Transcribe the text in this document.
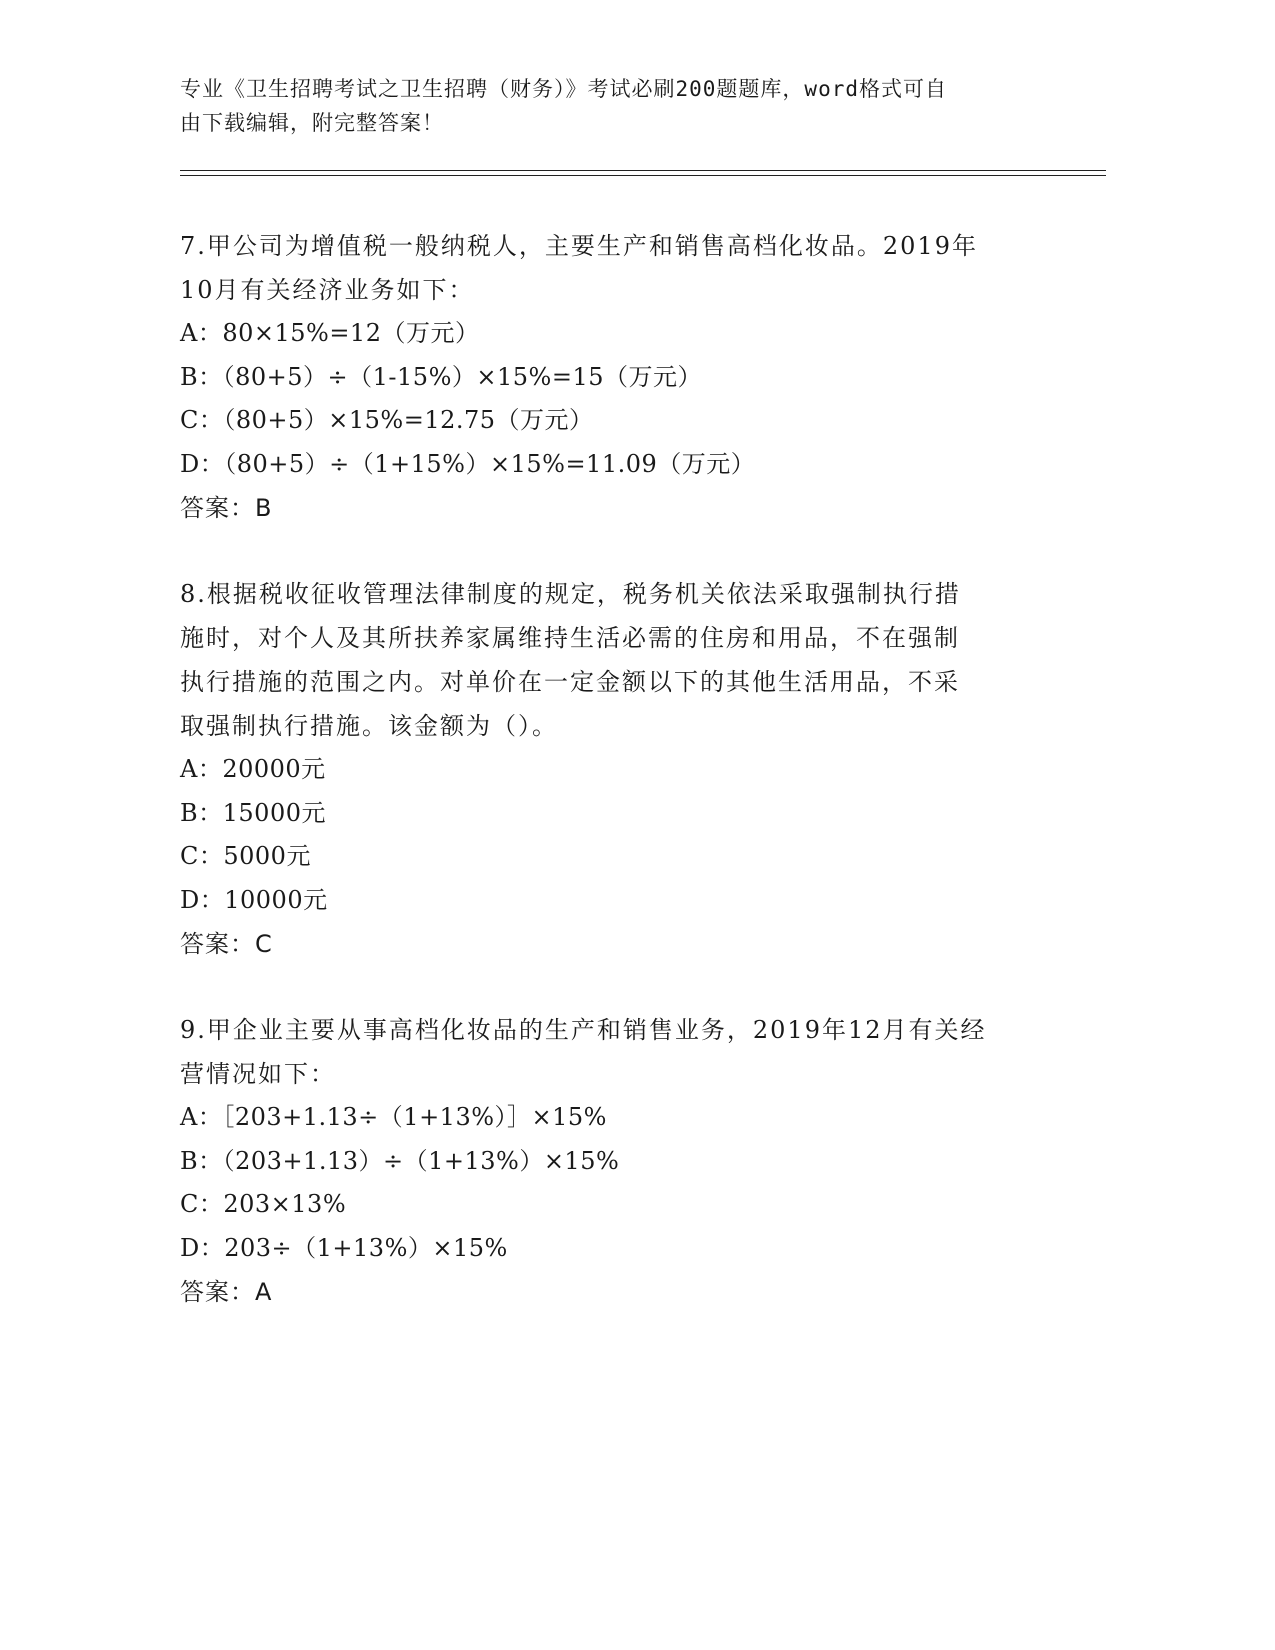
专业《卫生招聘考试之卫生招聘（财务）》考试必刷200题题库，word格式可自
由下载编辑，附完整答案！

7.甲公司为增值税一般纳税人，主要生产和销售高档化妆品。2019年

10月有关经济业务如下：

A：80×15%=12（万元）

B：（80+5）÷（1-15%）×15%=15（万元）

C：（80+5）×15%=12.75（万元）

D：（80+5）÷（1+15%）×15%=11.09（万元）

答案：B

8.根据税收征收管理法律制度的规定，税务机关依法采取强制执行措

施时，对个人及其所扶养家属维持生活必需的住房和用品，不在强制

执行措施的范围之内。对单价在一定金额以下的其他生活用品，不采

取强制执行措施。该金额为（）。

A：20000元

B：15000元

C：5000元

D：10000元

答案：C

9.甲企业主要从事高档化妆品的生产和销售业务，2019年12月有关经

营情况如下：

A：［203+1.13÷（1+13%）］×15%

B：（203+1.13）÷（1+13%）×15%

C：203×13%

D：203÷（1+13%）×15%

答案：A
